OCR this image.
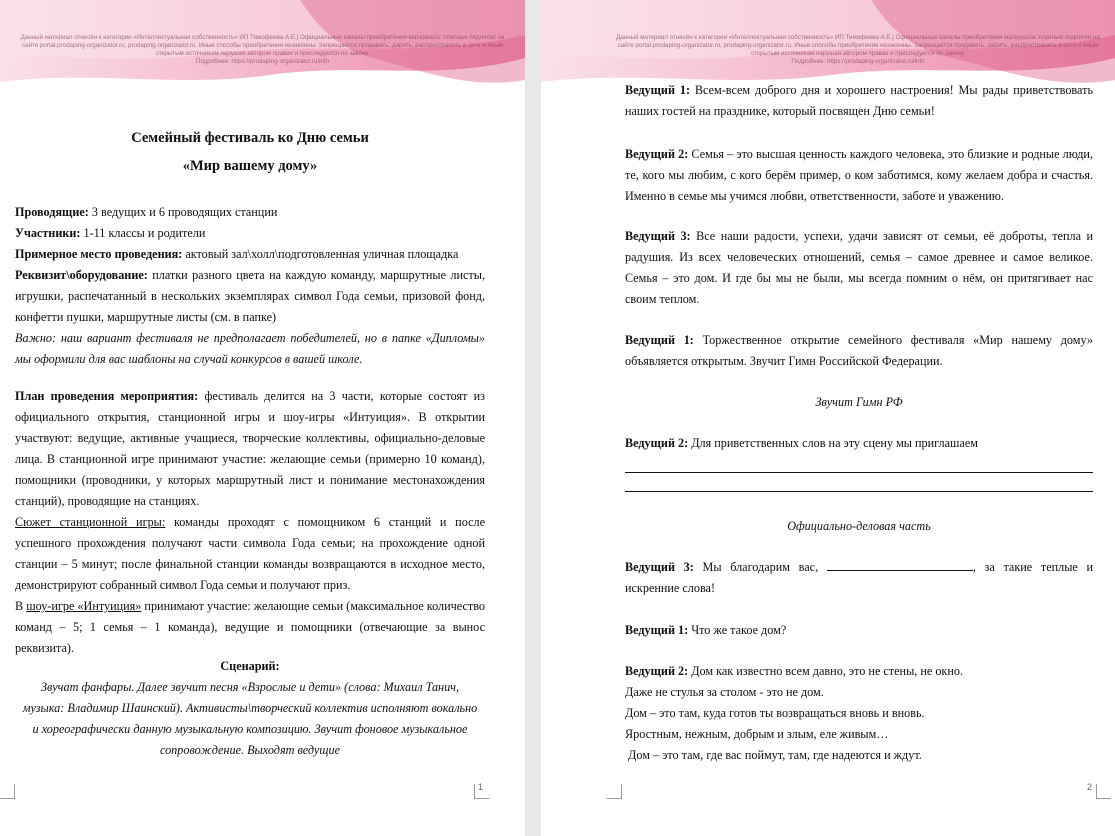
Данный материал отнесён к категории «Интеллектуальная собственность» ИП Тимофеева А.Е.| Официальные каналы приобретения материала: платные подписки на сайте portal.prodaping-organizator.ru, prodaping-organizator.ru. Иные способы приобретения незаконны. Запрещается продавать, дарить, распространять в сети и иным открытым источникам нарушая автором правах и преследуется по закону.
Подробнее: https://prodaping-organizator.ru/info

Семейный фестиваль ко Дню семьи

«Мир вашему дому»

Проводящие: 3 ведущих и 6 проводящих станции

Участники: 1-11 классы и родители

Примерное место проведения: актовый зал\холл\подготовленная уличная площадка

Реквизит\оборудование: платки разного цвета на каждую команду, маршрутные листы, игрушки, распечатанный в нескольких экземплярах символ Года семьи, призовой фонд, конфетти пушки, маршрутные листы (см. в папке)

Важно: наш вариант фестиваля не предполагает победителей, но в папке «Дипломы» мы оформили для вас шаблоны на случай конкурсов в вашей школе.

План проведения мероприятия: фестиваль делится на 3 части, которые состоят из официального открытия, станционной игры и шоу-игры «Интуиция». В открытии участвуют: ведущие, активные учащиеся, творческие коллективы, официально-деловые лица. В станционной игре принимают участие: желающие семьи (примерно 10 команд), помощники (проводники, у которых маршрутный лист и понимание местонахождения станций), проводящие на станциях.

Сюжет станционной игры: команды проходят с помощником 6 станций и после успешного прохождения получают части символа Года семьи; на прохождение одной станции – 5 минут; после финальной станции команды возвращаются в исходное место, демонстрируют собранный символ Года семьи и получают приз.

В шоу-игре «Интуиция» принимают участие: желающие семьи (максимальное количество команд – 5; 1 семья – 1 команда), ведущие и помощники (отвечающие за вынос реквизита).

Сценарий:

Звучат фанфары. Далее звучит песня «Взрослые и дети» (слова: Михаил Танич, музыка: Владимир Шаинский). Активисты\творческий коллектив исполняют вокально и хореографически данную музыкальную композицию. Звучит фоновое музыкальное сопровождение. Выходят ведущие

1
Данный материал отнесён к категории «Интеллектуальная собственность» ИП Тимофеева А.Е.| Официальные каналы приобретения материала: платные подписки на сайте portal.prodaping-organizator.ru, prodaping-organizator.ru. Иные способы приобретения незаконны. Запрещается продавать, дарить, распространять в сети и иным открытым источникам нарушая автором правах и преследуется по закону.
Подробнее: https://prodaping-organizator.ru/info

Ведущий 1: Всем-всем доброго дня и хорошего настроения! Мы рады приветствовать наших гостей на празднике, который посвящен Дню семьи!

Ведущий 2: Семья – это высшая ценность каждого человека, это близкие и родные люди, те, кого мы любим, с кого берём пример, о ком заботимся, кому желаем добра и счастья. Именно в семье мы учимся любви, ответственности, заботе и уважению.

Ведущий 3: Все наши радости, успехи, удачи зависят от семьи, её доброты, тепла и радушия. Из всех человеческих отношений, семья – самое древнее и самое великое. Семья – это дом. И где бы мы не были, мы всегда помним о нём, он притягивает нас своим теплом.

Ведущий 1: Торжественное открытие семейного фестиваля «Мир нашему дому» объявляется открытым. Звучит Гимн Российской Федерации.

Звучит Гимн РФ

Ведущий 2: Для приветственных слов на эту сцену мы приглашаем

Официально-деловая часть

Ведущий 3: Мы благодарим вас,	, за такие теплые и искренние слова!

Ведущий 1: Что же такое дом?

Ведущий 2: Дом как известно всем давно, это не стены, не окно.

Даже не стулья за столом - это не дом.

Дом – это там, куда готов ты возвращаться вновь и вновь.

Яростным, нежным, добрым и злым, еле живым…

Дом – это там, где вас поймут, там, где надеются и ждут.

2
